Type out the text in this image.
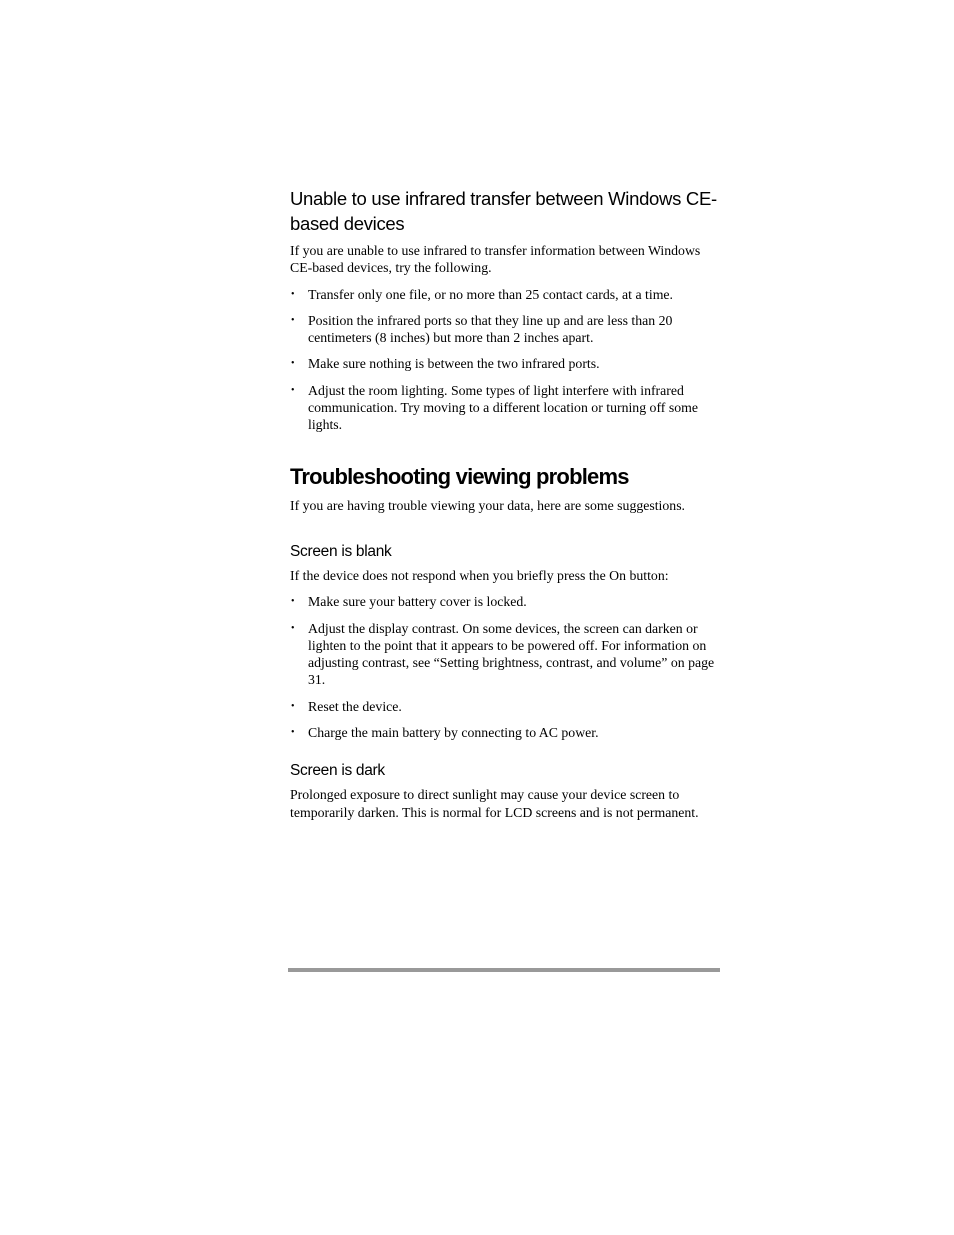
Unable to use infrared transfer between Windows CE-based devices

If you are unable to use infrared to transfer information between Windows CE-based devices, try the following.

• Transfer only one file, or no more than 25 contact cards, at a time.
• Position the infrared ports so that they line up and are less than 20 centimeters (8 inches) but more than 2 inches apart.
• Make sure nothing is between the two infrared ports.
• Adjust the room lighting. Some types of light interfere with infrared communication. Try moving to a different location or turning off some lights.
Troubleshooting viewing problems

If you are having trouble viewing your data, here are some suggestions.

Screen is blank

If the device does not respond when you briefly press the On button:

• Make sure your battery cover is locked.
• Adjust the display contrast. On some devices, the screen can darken or lighten to the point that it appears to be powered off. For information on adjusting contrast, see “Setting brightness, contrast, and volume” on page 31.
• Reset the device.
• Charge the main battery by connecting to AC power.
Screen is dark

Prolonged exposure to direct sunlight may cause your device screen to temporarily darken. This is normal for LCD screens and is not permanent.
